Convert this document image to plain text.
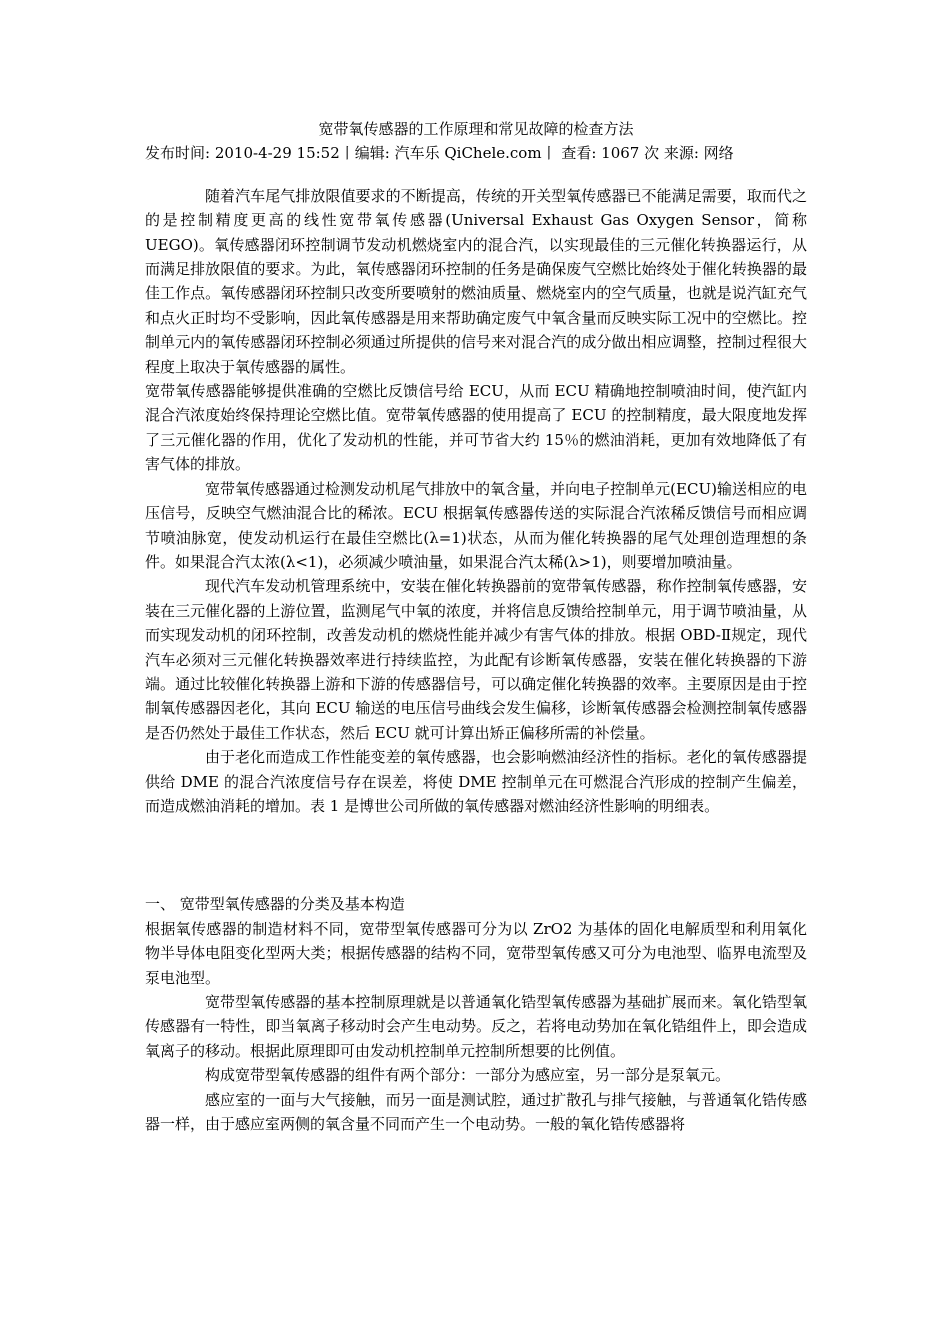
宽带氧传感器的工作原理和常见故障的检查方法

发布时间: 2010-4-29 15:52丨编辑: 汽车乐 QiChele.com丨 查看: 1067 次 来源: 网络

随着汽车尾气排放限值要求的不断提高，传统的开关型氧传感器已不能满足需要，取而代之的是控制精度更高的线性宽带氧传感器(Universal Exhaust Gas Oxygen Sensor，简称 UEGO)。氧传感器闭环控制调节发动机燃烧室内的混合汽，以实现最佳的三元催化转换器运行，从而满足排放限值的要求。为此，氧传感器闭环控制的任务是确保废气空燃比始终处于催化转换器的最佳工作点。氧传感器闭环控制只改变所要喷射的燃油质量、燃烧室内的空气质量，也就是说汽缸充气和点火正时均不受影响，因此氧传感器是用来帮助确定废气中氧含量而反映实际工况中的空燃比。控制单元内的氧传感器闭环控制必须通过所提供的信号来对混合汽的成分做出相应调整，控制过程很大程度上取决于氧传感器的属性。

宽带氧传感器能够提供准确的空燃比反馈信号给 ECU，从而 ECU 精确地控制喷油时间，使汽缸内混合汽浓度始终保持理论空燃比值。宽带氧传感器的使用提高了 ECU 的控制精度，最大限度地发挥了三元催化器的作用，优化了发动机的性能，并可节省大约 15％的燃油消耗，更加有效地降低了有害气体的排放。

宽带氧传感器通过检测发动机尾气排放中的氧含量，并向电子控制单元(ECU)输送相应的电压信号，反映空气燃油混合比的稀浓。ECU 根据氧传感器传送的实际混合汽浓稀反馈信号而相应调节喷油脉宽，使发动机运行在最佳空燃比(λ=1)状态，从而为催化转换器的尾气处理创造理想的条件。如果混合汽太浓(λ<1)，必须减少喷油量，如果混合汽太稀(λ>1)，则要增加喷油量。

现代汽车发动机管理系统中，安装在催化转换器前的宽带氧传感器，称作控制氧传感器，安装在三元催化器的上游位置，监测尾气中氧的浓度，并将信息反馈给控制单元，用于调节喷油量，从而实现发动机的闭环控制，改善发动机的燃烧性能并减少有害气体的排放。根据 OBD-Ⅱ规定，现代汽车必须对三元催化转换器效率进行持续监控，为此配有诊断氧传感器，安装在催化转换器的下游端。通过比较催化转换器上游和下游的传感器信号，可以确定催化转换器的效率。主要原因是由于控制氧传感器因老化，其向 ECU 输送的电压信号曲线会发生偏移，诊断氧传感器会检测控制氧传感器是否仍然处于最佳工作状态，然后 ECU 就可计算出矫正偏移所需的补偿量。

由于老化而造成工作性能变差的氧传感器，也会影响燃油经济性的指标。老化的氧传感器提供给 DME 的混合汽浓度信号存在误差，将使 DME 控制单元在可燃混合汽形成的控制产生偏差，而造成燃油消耗的增加。表 1 是博世公司所做的氧传感器对燃油经济性影响的明细表。

一、 宽带型氧传感器的分类及基本构造

根据氧传感器的制造材料不同，宽带型氧传感器可分为以 ZrO2 为基体的固化电解质型和利用氧化物半导体电阻变化型两大类；根据传感器的结构不同，宽带型氧传感又可分为电池型、临界电流型及泵电池型。

宽带型氧传感器的基本控制原理就是以普通氧化锆型氧传感器为基础扩展而来。氧化锆型氧传感器有一特性，即当氧离子移动时会产生电动势。反之，若将电动势加在氧化锆组件上，即会造成氧离子的移动。根据此原理即可由发动机控制单元控制所想要的比例值。

构成宽带型氧传感器的组件有两个部分：一部分为感应室，另一部分是泵氧元。

感应室的一面与大气接触，而另一面是测试腔，通过扩散孔与排气接触，与普通氧化锆传感器一样，由于感应室两侧的氧含量不同而产生一个电动势。一般的氧化锆传感器将
